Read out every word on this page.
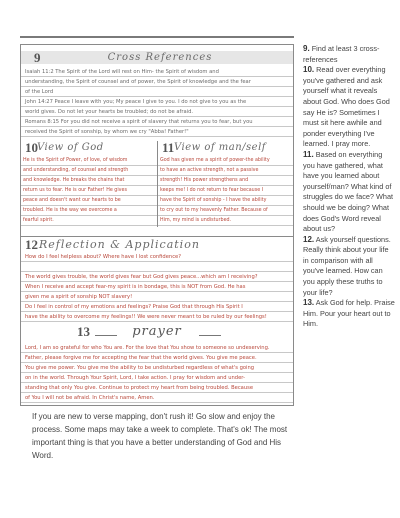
9	Cross References
Isaiah 11:2 The Spirit of the Lord will rest on Him- the Spirit of wisdom and
understanding, the Spirit of counsel and of power, the Spirit of knowledge and the fear
of the Lord
John 14:27 Peace I leave with you; My peace I give to you. I do not give to you as the
world gives. Do not let your hearts be troubled; do not be afraid.
Romans 8:15 For you did not receive a spirit of slavery that returns you to fear, but you
received the Spirit of sonship, by whom we cry "Abba! Father!"
10 View of God
He is the Spirit of Power, of love, of wisdom
and understanding, of counsel and strength
and knowledge. He breaks the chains that
return us to fear. He is our Father! He gives
peace and doesn't want our hearts to be
troubled. He is the way we overcome a
fearful spirit.
11 View of man/self
God has given me a spirit of power-the ability
to have an active strength, not a passive
strength! His power strengthens and
keeps me! I do not return to fear because I
have the Spirit of sonship - I have the ability
to cry out to my heavenly Father. Because of
Him, my mind is undisturbed.
12 Reflection & Application
How do I feel helpless about? Where have I lost confidence?
The world gives trouble, the world gives fear but God gives peace...which am I receiving?
When I receive and accept fear-my spirit is in bondage, this is NOT from God. He has
given me a spirit of sonship NOT slavery!
Do I feel in control of my emotions and feelings? Praise God that through His Spirit I
have the ability to overcome my feelings!! We were never meant to be ruled by our feelings!
13	prayer
Lord, I am so grateful for who You are. For the love that You show to someone so undeserving.
Father, please forgive me for accepting the fear that the world gives. You give me peace.
You give me power. You give me the ability to be undisturbed regardless of what's going
on in the world. Through Your Spirit, Lord, I take action. I pray for wisdom and under-
standing that only You give. Continue to protect my heart from being troubled. Because
of You I will not be afraid. In Christ's name, Amen.
9. Find at least 3 cross-references
10. Read over everything you've gathered and ask yourself what it reveals about God. Who does God say He is? Sometimes I must sit here awhile and ponder everything I've learned. I pray more.
11. Based on everything you have gathered, what have you learned about yourself/man? What kind of struggles do we face? What should we be doing? What does God's Word reveal about us?
12. Ask yourself questions. Really think about your life in comparison with all you've learned. How can you apply these truths to your life?
13. Ask God for help. Praise Him. Pour your heart out to Him.

If you are new to verse mapping, don't rush it! Go slow and enjoy the process. Some maps may take a week to complete. That's ok! The most important thing is that you have a better understanding of God and His Word.
